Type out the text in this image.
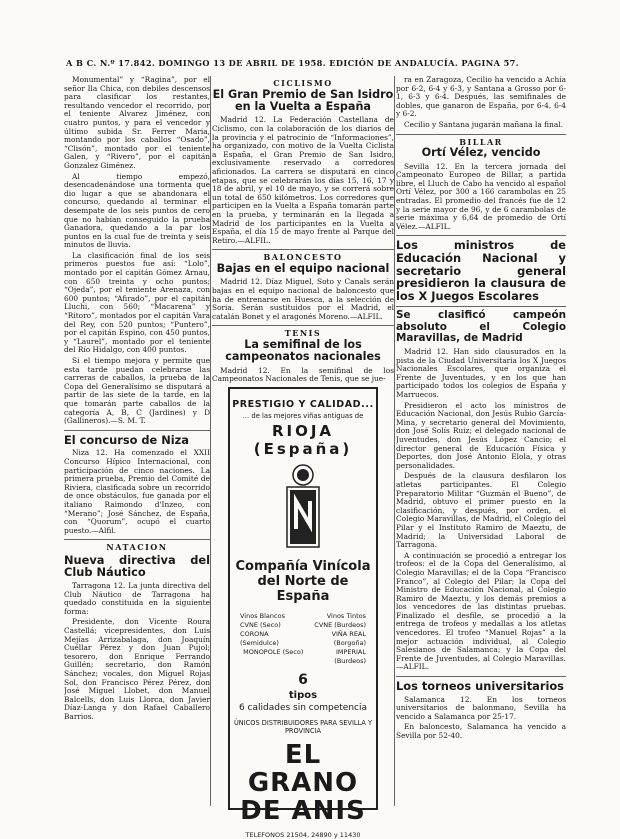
A B C. N.º 17.842. DOMINGO 13 DE ABRIL DE 1958. EDICIÓN DE ANDALUCÍA. PAGINA 57.

Monumental” y “Ragina”, por el señor Ila Chica, con debiles descensos para clasificar los restantes, resultando vencedor el recorrido, por el teniente Alvarez Jiménez, con cuatro puntos, y para el vencedor y último subida Sr. Ferrer Maria, montando por los caballos “Osado”, “Clisón”, montado por el teniente Galen, y “Rivero”, por el capitán Gonzalez Giménez.

Al tiempo empezó, desencadenándose una tormenta que dio lugar a que se abandonara el concurso, quedando al terminar el desempate de los seis puntos de cero que no habían conseguido la prueba Ganadora, quedando a la par los puntos en la cual fue de treinta y seis minutos de lluvia.

La clasificación final de los seis primeros puestos fue así: “Lolo”, montado por el capitán Gómez Arnau, con 650 treinta y ocho puntos; “Ojeda”, por el teniente Arenaza, con 600 puntos; “Afirado”, por el capitán Lluchi, con 560; “Macarena” y “Ritoro”, montados por el capitán Vara del Rey, con 520 puntos; “Puntero”, por el capitán Espino, con 450 puntos, y “Laurel”, montado por el teniente del Río Hidalgo, con 400 puntos.

Si el tiempo mejora y permite que esta tarde puedan celebrarse las carreras de caballos, la prueba de la Copa del Generalísimo se disputará a partir de las siete de la tarde, en la que tomarán parte caballos de la categoría A, B, C (Jardines) y D (Gallineros).—S. M. T.

El concurso de Niza

Niza 12. Ha comenzado el XXII Concurso Hípico Internacional, con participación de cinco naciones. La primera prueba, Premio del Comité de Riviera, clasificada sobre un recorrido de once obstáculos, fue ganada por el italiano Raimondo d'Inzeo, con “Merano”; José Sánchez, de España, con “Quorum”, ocupó el cuarto puesto.—Alfil.

NATACION
Nueva directiva del Club Náutico

Tarragona 12. La junta directiva del Club Náutico de Tarragona ha quedado constituida en la siguiente forma:

Presidente, don Vicente Roura Castellá; vicepresidentes, don Luis Mejías Arrizabalaga, don Joaquín Cuéllar Pérez y don Juan Pujol; tesorero, don Enrique Ferrando Guillén; secretario, don Ramón Sánchez; vocales, don Miguel Rojas Sol, don Francisco Pérez Pérez, don José Miguel Llobet, don Manuel Balcells, don Luis Llorca, don Javier Díaz-Langa y don Rafael Caballero Barrios.

CICLISMO
El Gran Premio de San Isidro en la Vuelta a España

Madrid 12. La Federación Castellana de Ciclismo, con la colaboración de los diarios de la provincia y el patrocinio de “Informaciones”, ha organizado, con motivo de la Vuelta Ciclista a España, el Gran Premio de San Isidro, exclusivamente reservado a corredores aficionados. La carrera se disputará en cinco etapas, que se celebrarán los días 15, 16, 17 y 18 de abril, y el 10 de mayo, y se correrá sobre un total de 650 kilómetros. Los corredores que participen en la Vuelta a España tomarán parte en la prueba, y terminarán en la llegada a Madrid de los participantes en la Vuelta a España, el día 15 de mayo frente al Parque del Retiro.—ALFIL.

BALONCESTO
Bajas en el equipo nacional

Madrid 12. Díaz Miguel, Soto y Canals serán bajas en el equipo nacional de baloncesto que ha de entrenarse en Huesca, a la selección de Soria. Serán sustituidos por el Madrid, el catalán Bonet y el aragonés Moreno.—ALFIL.

TENIS
La semifinal de los campeonatos nacionales

Madrid 12. En la semifinal de los Campeonatos Nacionales de Tenis, que se jue-

PRESTIGIO Y CALIDAD...
... de las mejores viñas antiguas de
RIOJA (España)
Compañía Vinícola del Norte de España
Vinos Blancos
CVNE (Seco)
CORONA (Semidulce)
MONOPOLE (Seco)
Vinos Tintos
CVNE (Burdeos)
VIÑA REAL (Borgoña)
IMPERIAL (Burdeos)
6
tipos
6 calidades sin competencia
ÚNICOS DISTRIBUIDORES PARA SEVILLA Y PROVINCIA
EL GRANO DE ANIS
TELEFONOS 21504, 24890 y 11430

ra en Zaragoza, Cecilio ha vencido a Achía por 6-2, 6-4 y 6-3, y Santana a Grosso por 6-1, 6-3 y 6-4. Después, las semifinales de dobles, que ganaron de España, por 6-4, 6-4 y 6-2.

Cecilio y Santana jugarán mañana la final.

BILLAR
Ortí Vélez, vencido

Sevilla 12. En la tercera jornada del Campeonato Europeo de Billar, a partida libre, el Lluch de Cabo ha vencido al español Ortí Vélez, por 300 a 166 carambolas en 25 entradas. El promedio del francés fue de 12 y la serie mayor de 96, y de 6 carambolas de serie máxima y 6,64 de promedio de Ortí Vélez.—ALFIL.

Los ministros de Educación Nacional y secretario general presidieron la clausura de los X Juegos Escolares
Se clasificó campeón absoluto el Colegio Maravillas, de Madrid

Madrid 12. Han sido clausurados en la pista de la Ciudad Universitaria los X Juegos Nacionales Escolares, que organiza el Frente de Juventudes, y en los que han participado todos los colegios de España y Marruecos.

Presidieron el acto los ministros de Educación Nacional, don Jesús Rubio García-Mina, y secretario general del Movimiento, don José Solís Ruiz; el delegado nacional de Juventudes, don Jesús López Cancio; el director general de Educación Física y Deportes, don José Antonio Elola, y otras personalidades.

Después de la clausura desfilaron los atletas participantes. El Colegio Preparatorio Militar “Guzmán el Bueno”, de Madrid, obtuvo el primer puesto en la clasificación, y después, por orden, el Colegio Maravillas, de Madrid, el Colegio del Pilar y el Instituto Ramiro de Maeztu, de Madrid; la Universidad Laboral de Tarragona.

A continuación se procedió a entregar los trofeos: el de la Copa del Generalísimo, al Colegio Maravillas; el de la Copa “Francisco Franco”, al Colegio del Pilar; la Copa del Ministro de Educación Nacional, al Colegio Ramiro de Maeztu, y los demás premios a los vencedores de las distintas pruebas. Finalizado el desfile, se procedió a la entrega de trofeos y medallas a los atletas vencedores. El trofeo “Manuel Rojas” a la mejor actuación individual, al Colegio Salesianos de Salamanca; y la Copa del Frente de Juventudes, al Colegio Maravillas.—ALFIL.

Los torneos universitarios

Salamanca 12. En los torneos universitarios de balonmano, Sevilla ha vencido a Salamanca por 25-17.

En baloncesto, Salamanca ha vencido a Sevilla por 52-40.
